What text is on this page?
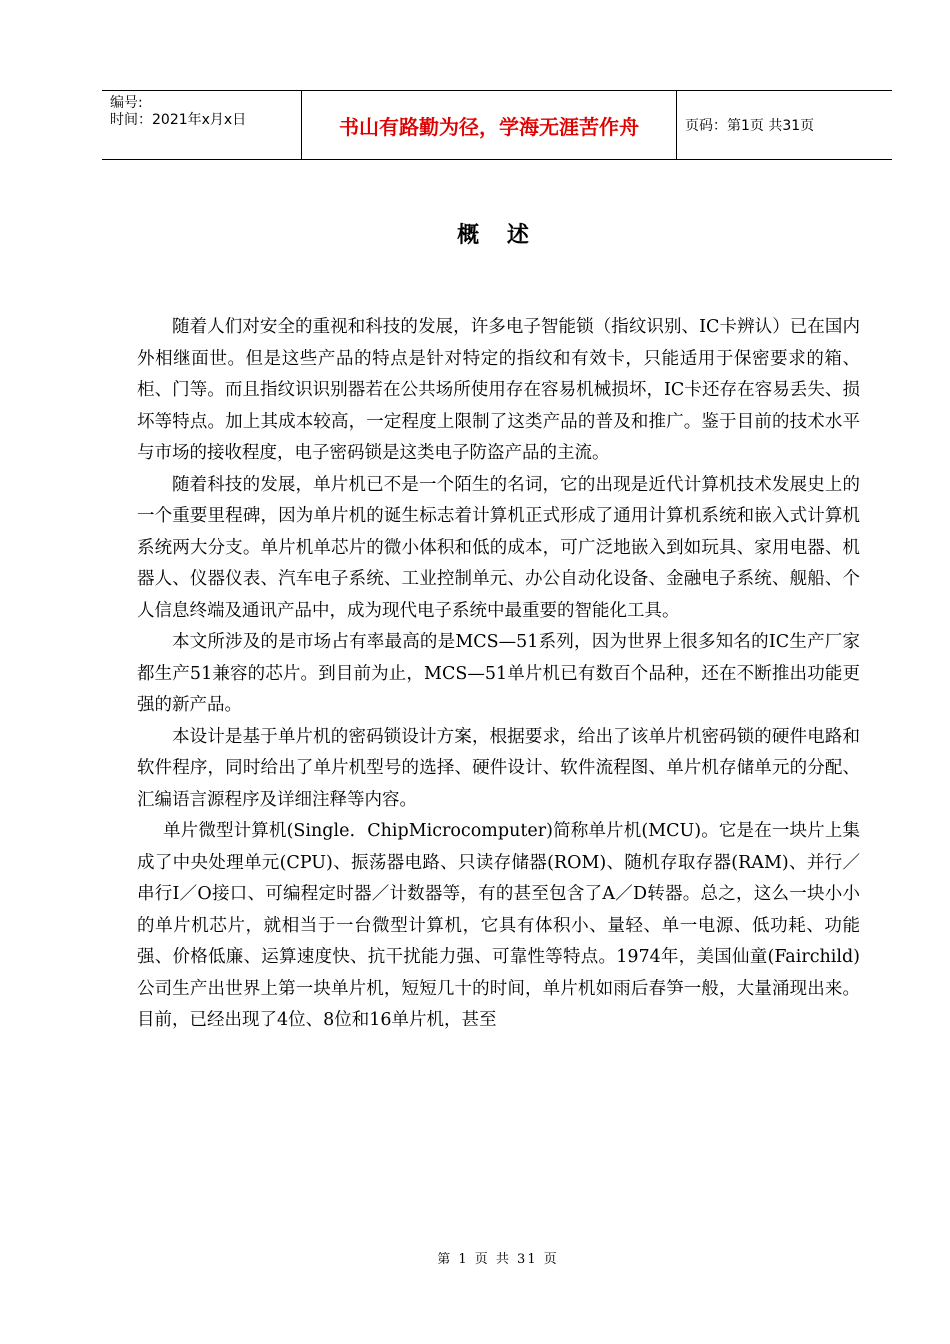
编号:
时间：2021年x月x日	书山有路勤为径，学海无涯苦作舟	页码：第1页 共31页
概 述

随着人们对安全的重视和科技的发展，许多电子智能锁（指纹识别、IC卡辨认）已在国内外相继面世。但是这些产品的特点是针对特定的指纹和有效卡，只能适用于保密要求的箱、柜、门等。而且指纹识识别器若在公共场所使用存在容易机械损坏，IC卡还存在容易丢失、损坏等特点。加上其成本较高，一定程度上限制了这类产品的普及和推广。鉴于目前的技术水平与市场的接收程度，电子密码锁是这类电子防盗产品的主流。

随着科技的发展，单片机已不是一个陌生的名词，它的出现是近代计算机技术发展史上的一个重要里程碑，因为单片机的诞生标志着计算机正式形成了通用计算机系统和嵌入式计算机系统两大分支。单片机单芯片的微小体积和低的成本，可广泛地嵌入到如玩具、家用电器、机器人、仪器仪表、汽车电子系统、工业控制单元、办公自动化设备、金融电子系统、舰船、个人信息终端及通讯产品中，成为现代电子系统中最重要的智能化工具。

本文所涉及的是市场占有率最高的是MCS—51系列，因为世界上很多知名的IC生产厂家都生产51兼容的芯片。到目前为止，MCS—51单片机已有数百个品种，还在不断推出功能更强的新产品。

本设计是基于单片机的密码锁设计方案，根据要求，给出了该单片机密码锁的硬件电路和软件程序，同时给出了单片机型号的选择、硬件设计、软件流程图、单片机存储单元的分配、汇编语言源程序及详细注释等内容。

单片微型计算机(Single．ChipMicrocomputer)简称单片机(MCU)。它是在一块片上集成了中央处理单元(CPU)、振荡器电路、只读存储器(ROM)、随机存取存器(RAM)、并行／串行I／O接口、可编程定时器／计数器等，有的甚至包含了A／D转器。总之，这么一块小小的单片机芯片，就相当于一台微型计算机，它具有体积小、量轻、单一电源、低功耗、功能强、价格低廉、运算速度快、抗干扰能力强、可靠性等特点。1974年，美国仙童(Fairchild)公司生产出世界上第一块单片机，短短几十的时间，单片机如雨后春笋一般，大量涌现出来。目前，已经出现了4位、8位和16单片机，甚至

第 1 页 共 31 页
